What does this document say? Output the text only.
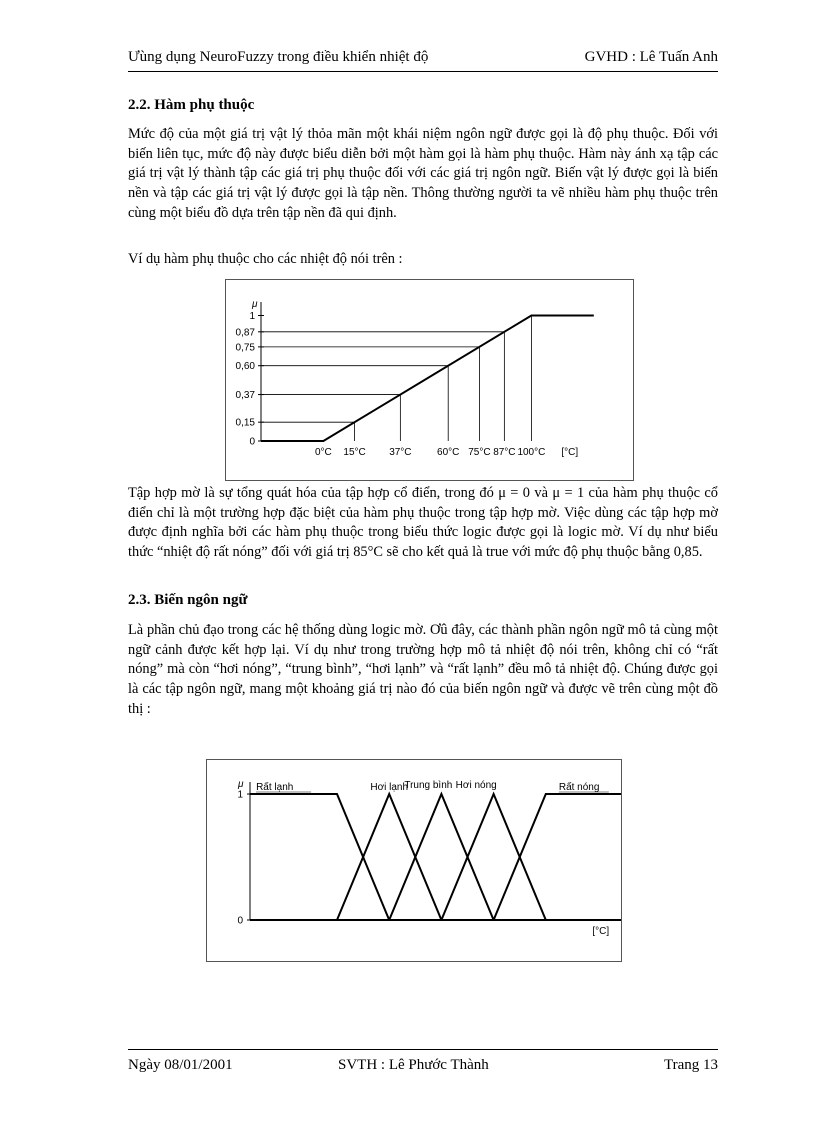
Ưùng dụng NeuroFuzzy trong điều khiển nhiệt độ	GVHD : Lê Tuấn Anh
2.2. Hàm phụ thuộc
Mức độ của một giá trị vật lý thỏa mãn một khái niệm ngôn ngữ được gọi là độ phụ thuộc. Đối với biến liên tục, mức độ này được biểu diễn bởi một hàm gọi là hàm phụ thuộc. Hàm này ánh xạ tập các giá trị vật lý thành tập các giá trị phụ thuộc đối với các giá trị ngôn ngữ. Biến vật lý được gọi là biến nền và tập các giá trị vật lý được gọi là tập nền. Thông thường người ta vẽ nhiều hàm phụ thuộc trên cùng một biểu đồ dựa trên tập nền đã qui định.
Ví dụ hàm phụ thuộc cho các nhiệt độ nói trên :
μ
0
0,15
0,37
0,60
0,75
0,87
1
0°C 15°C 37°C	60°C 75°C 87°C 100°C [°C]
Tập hợp mờ là sự tổng quát hóa của tập hợp cổ điển, trong đó μ = 0 và μ = 1 của hàm phụ thuộc cổ điển chỉ là một trường hợp đặc biệt của hàm phụ thuộc trong tập hợp mờ. Việc dùng các tập hợp mờ được định nghĩa bởi các hàm phụ thuộc trong biểu thức logic được gọi là logic mờ. Ví dụ như biểu thức “nhiệt độ rất nóng” đối với giá trị 85°C sẽ cho kết quả là true với mức độ phụ thuộc bằng 0,85.
2.3. Biến ngôn ngữ
Là phần chủ đạo trong các hệ thống dùng logic mờ. Ơû đây, các thành phần ngôn ngữ mô tả cùng một ngữ cảnh được kết hợp lại. Ví dụ như trong trường hợp mô tả nhiệt độ nói trên, không chỉ có “rất nóng” mà còn “hơi nóng”, “trung bình”, “hơi lạnh” và “rất lạnh” đều mô tả nhiệt độ. Chúng được gọi là các tập ngôn ngữ, mang một khoảng giá trị nào đó của biến ngôn ngữ và được vẽ trên cùng một đồ thị :
μ
0
1
[°C]
Rất lạnh	Hơi lạnh
Trung bình Hơi nóng	Rất nóng
Ngày 08/01/2001	SVTH : Lê Phước Thành	Trang 13
